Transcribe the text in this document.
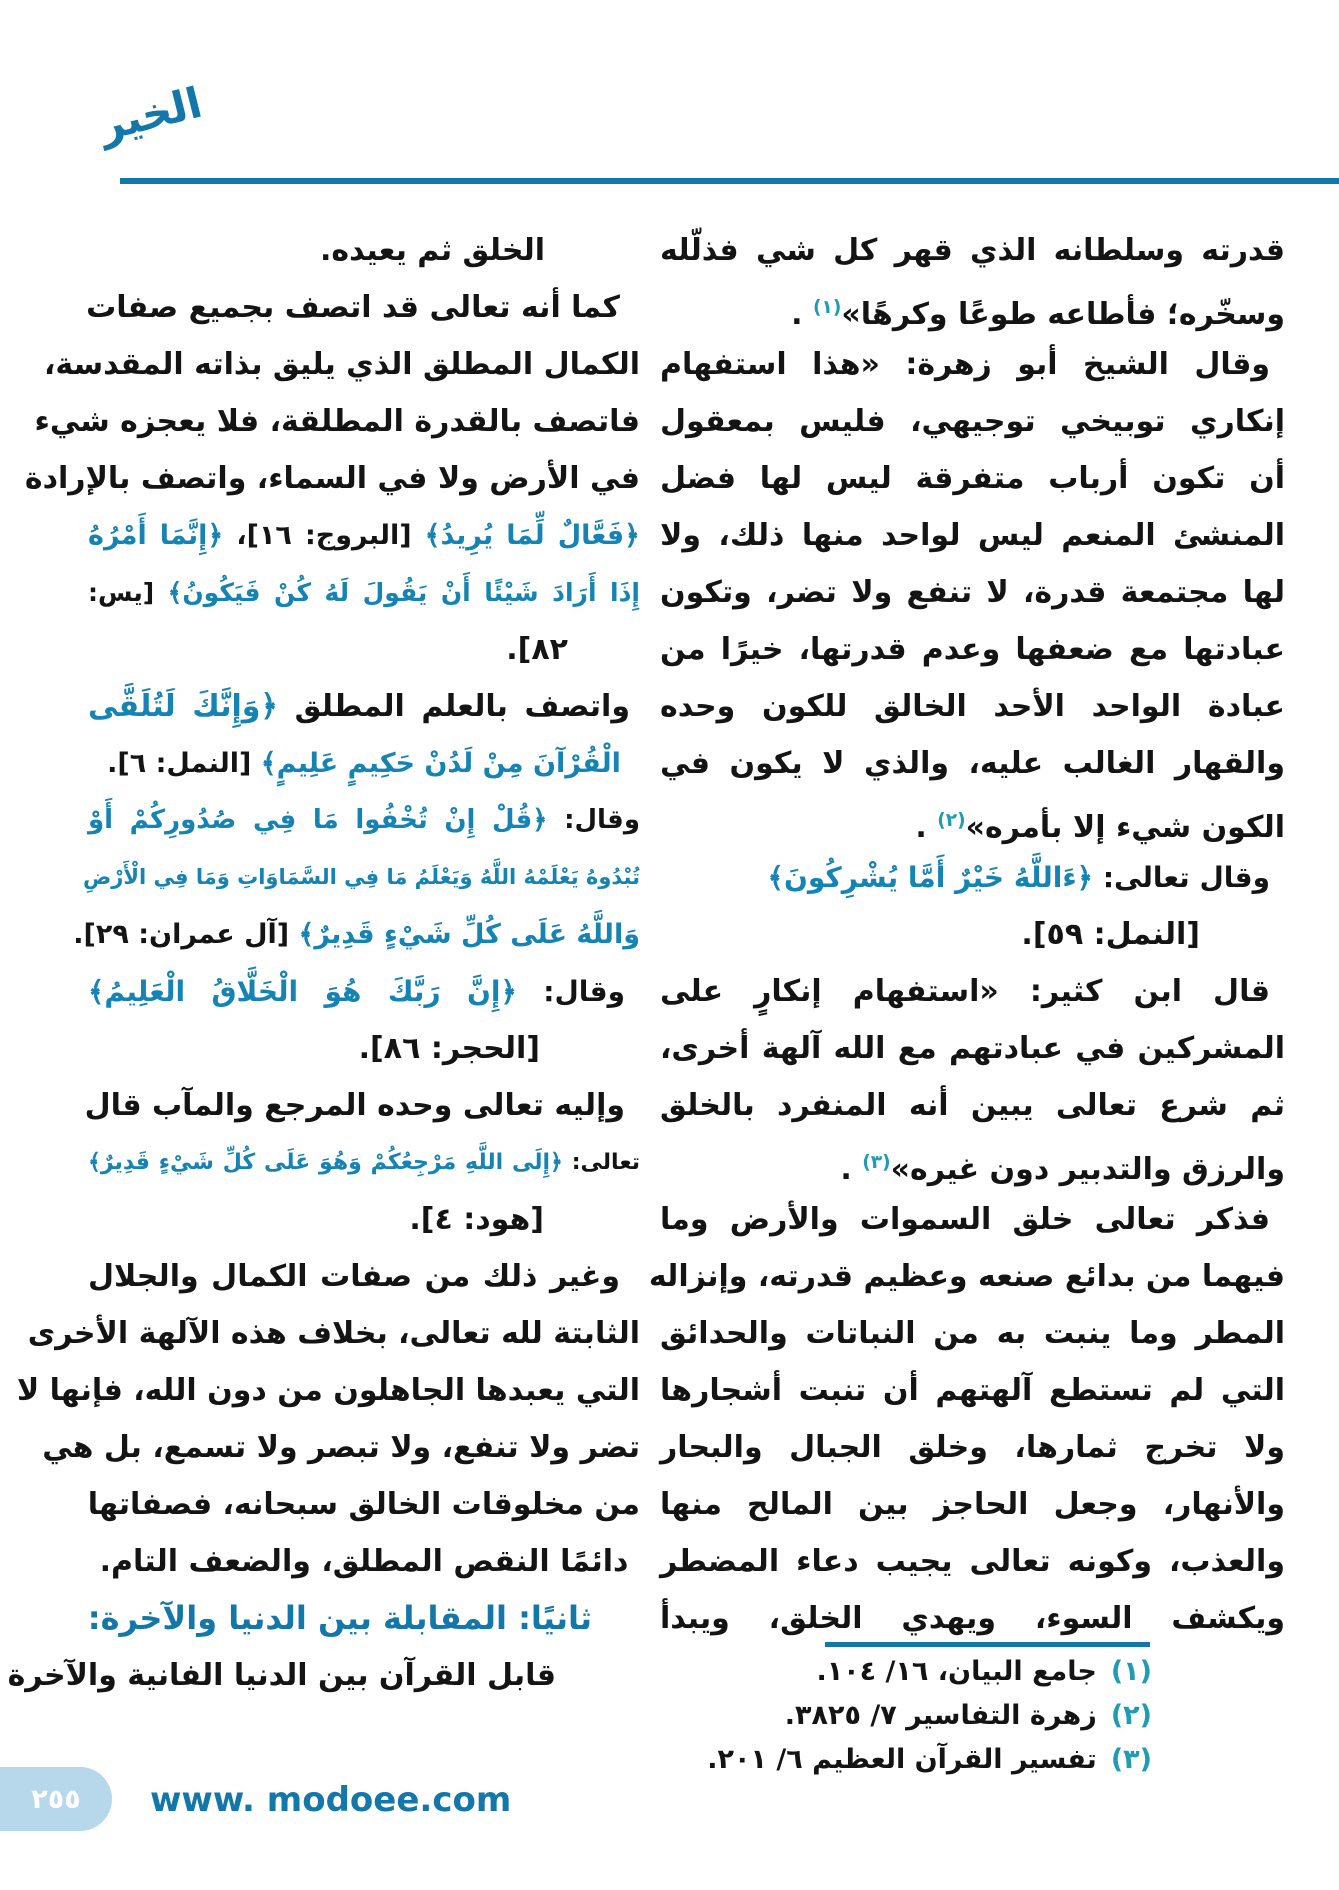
الخير
قدرته وسلطانه الذي قهر كل شي فذلّله
وسخّره؛ فأطاعه طوعًا وكرهًا»$^{(١)}$ .
وقال الشيخ أبو زهرة: «هذا استفهام
إنكاري توبيخي توجيهي، فليس بمعقول
أن تكون أرباب متفرقة ليس لها فضل
المنشئ المنعم ليس لواحد منها ذلك، ولا
لها مجتمعة قدرة، لا تنفع ولا تضر، وتكون
عبادتها مع ضعفها وعدم قدرتها، خيرًا من
عبادة الواحد الأحد الخالق للكون وحده
والقهار الغالب عليه، والذي لا يكون في
الكون شيء إلا بأمره»$^{(٢)}$ .
وقال تعالى: ﴿ءَاللَّهُ خَيْرٌ أَمَّا يُشْرِكُونَ﴾
[النمل: ٥٩].
قال ابن كثير: «استفهام إنكارٍ على
المشركين في عبادتهم مع الله آلهة أخرى،
ثم شرع تعالى يبين أنه المنفرد بالخلق
والرزق والتدبير دون غيره»$^{(٣)}$ .
فذكر تعالى خلق السموات والأرض وما
فيهما من بدائع صنعه وعظيم قدرته، وإنزاله
المطر وما ينبت به من النباتات والحدائق
التي لم تستطع آلهتهم أن تنبت أشجارها
ولا تخرج ثمارها، وخلق الجبال والبحار
والأنهار، وجعل الحاجز بين المالح منها
والعذب، وكونه تعالى يجيب دعاء المضطر
ويكشف السوء، ويهدي الخلق، ويبدأ
الخلق ثم يعيده.
كما أنه تعالى قد اتصف بجميع صفات
الكمال المطلق الذي يليق بذاته المقدسة،
فاتصف بالقدرة المطلقة، فلا يعجزه شيء
في الأرض ولا في السماء، واتصف بالإرادة
﴿فَعَّالٌ لِّمَا يُرِيدُ﴾ [البروج: ١٦]، ﴿إِنَّمَا أَمْرُهُ
إِذَا أَرَادَ شَيْئًا أَنْ يَقُولَ لَهُ كُنْ فَيَكُونُ﴾ [يس:
٨٢].
واتصف بالعلم المطلق ﴿وَإِنَّكَ لَتُلَقَّى
الْقُرْآنَ مِنْ لَدُنْ حَكِيمٍ عَلِيمٍ﴾ [النمل: ٦].
وقال: ﴿قُلْ إِنْ تُخْفُوا مَا فِي صُدُورِكُمْ أَوْ
تُبْدُوهُ يَعْلَمْهُ اللَّهُ وَيَعْلَمُ مَا فِي السَّمَاوَاتِ وَمَا فِي الْأَرْضِ
وَاللَّهُ عَلَى كُلِّ شَيْءٍ قَدِيرٌ﴾ [آل عمران: ٢٩].
وقال: ﴿إِنَّ رَبَّكَ هُوَ الْخَلَّاقُ الْعَلِيمُ﴾
[الحجر: ٨٦].
وإليه تعالى وحده المرجع والمآب قال
تعالى: ﴿إِلَى اللَّهِ مَرْجِعُكُمْ وَهُوَ عَلَى كُلِّ شَيْءٍ قَدِيرٌ﴾
[هود: ٤].
وغير ذلك من صفات الكمال والجلال
الثابتة لله تعالى، بخلاف هذه الآلهة الأخرى
التي يعبدها الجاهلون من دون الله، فإنها لا
تضر ولا تنفع، ولا تبصر ولا تسمع، بل هي
من مخلوقات الخالق سبحانه، فصفاتها
دائمًا النقص المطلق، والضعف التام.
ثانيًا: المقابلة بين الدنيا والآخرة:
قابل القرآن بين الدنيا الفانية والآخرة	(١)جامع البيان، ١٦/ ١٠٤.
(٢)زهرة التفاسير ٧/ ٣٨٢٥.
(٣)تفسير القرآن العظيم ٦/ ٢٠١.
٢٥٥ www. modoee.com
